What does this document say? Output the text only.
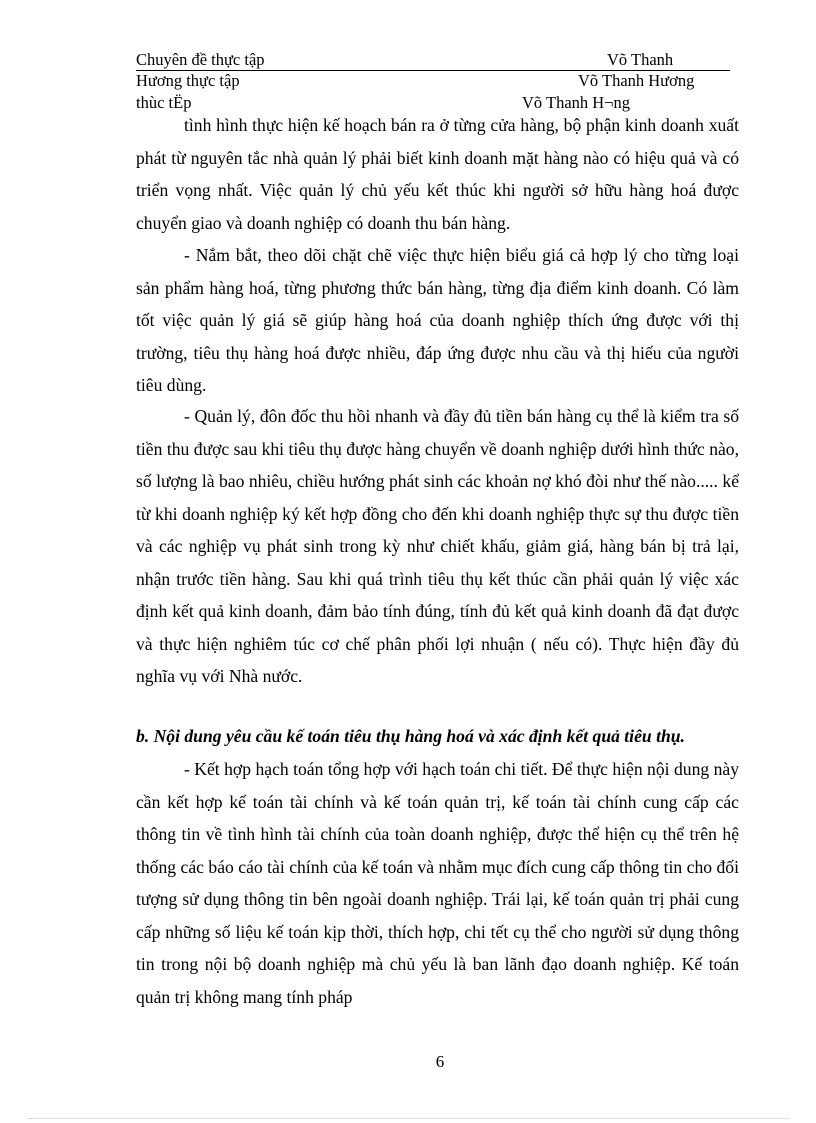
Chuyên đề thực tập	Võ Thanh
Hương thực tập	Võ Thanh Hương
thùc tËp	Võ Thanh H¬ng

tình hình thực hiện kế hoạch bán ra ở từng cửa hàng, bộ phận kinh doanh xuất phát từ nguyên tắc nhà quản lý phải biết kinh doanh mặt hàng nào có hiệu quả và có triển vọng nhất. Việc quản lý chủ yếu kết thúc khi người sở hữu hàng hoá được chuyển giao và doanh nghiệp có doanh thu bán hàng.

- Nắm bắt, theo dõi chặt chẽ việc thực hiện biểu giá cả hợp lý cho từng loại sản phẩm hàng hoá, từng phương thức bán hàng, từng địa điểm kinh doanh. Có làm tốt việc quản lý giá sẽ giúp hàng hoá của doanh nghiệp thích ứng được với thị trường, tiêu thụ hàng hoá được nhiều, đáp ứng được nhu cầu và thị hiếu của người tiêu dùng.

- Quản lý, đôn đốc thu hồi nhanh và đầy đủ tiền bán hàng cụ thể là kiểm tra số tiền thu được sau khi tiêu thụ được hàng chuyển về doanh nghiệp dưới hình thức nào, số lượng là bao nhiêu, chiều hướng phát sinh các khoản nợ khó đòi như thế nào..... kể từ khi doanh nghiệp ký kết hợp đồng cho đến khi doanh nghiệp thực sự thu được tiền và các nghiệp vụ phát sinh trong kỳ như chiết khấu, giảm giá, hàng bán bị trả lại, nhận trước tiền hàng. Sau khi quá trình tiêu thụ kết thúc cần phải quản lý việc xác định kết quả kinh doanh, đảm bảo tính đúng, tính đủ kết quả kinh doanh đã đạt được và thực hiện nghiêm túc cơ chế phân phối lợi nhuận ( nếu có). Thực hiện đầy đủ nghĩa vụ với Nhà nước.

b. Nội dung yêu cầu kế toán tiêu thụ hàng hoá và xác định kết quả tiêu thụ.

- Kết hợp hạch toán tổng hợp với hạch toán chi tiết. Để thực hiện nội dung này cần kết hợp kế toán tài chính và kế toán quản trị, kế toán tài chính cung cấp các thông tin về tình hình tài chính của toàn doanh nghiệp, được thể hiện cụ thể trên hệ thống các báo cáo tài chính của kế toán và nhằm mục đích cung cấp thông tin cho đối tượng sử dụng thông tin bên ngoài doanh nghiệp. Trái lại, kế toán quản trị phải cung cấp những số liệu kế toán kịp thời, thích hợp, chi tết cụ thể cho người sử dụng thông tin trong nội bộ doanh nghiệp mà chủ yếu là ban lãnh đạo doanh nghiệp. Kế toán quản trị không mang tính pháp

6
